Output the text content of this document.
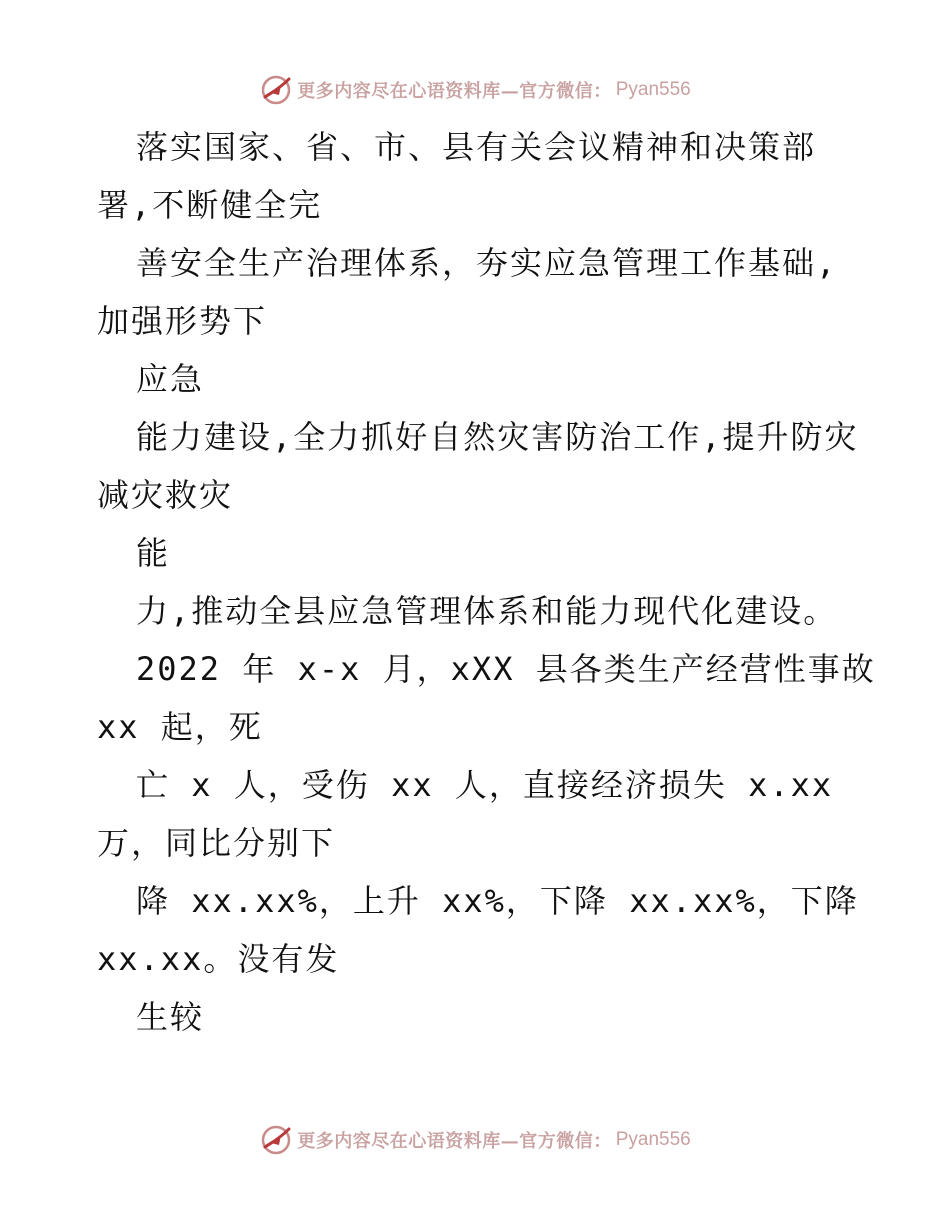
更多内容尽在心语资料库—官方微信： Pyan556
落实国家、省、市、县有关会议精神和决策部
署,不断健全完
善安全生产治理体系，夯实应急管理工作基础,
加强形势下
应急
能力建设,全力抓好自然灾害防治工作,提升防灾
减灾救灾
能
力,推动全县应急管理体系和能力现代化建设。
2022 年 x-x 月，xXX 县各类生产经营性事故
xx 起，死
亡 x 人，受伤 xx 人，直接经济损失 x.xx
万，同比分别下
降 xx.xx%，上升 xx%，下降 xx.xx%，下降
xx.xx。没有发
生较
更多内容尽在心语资料库—官方微信： Pyan556
